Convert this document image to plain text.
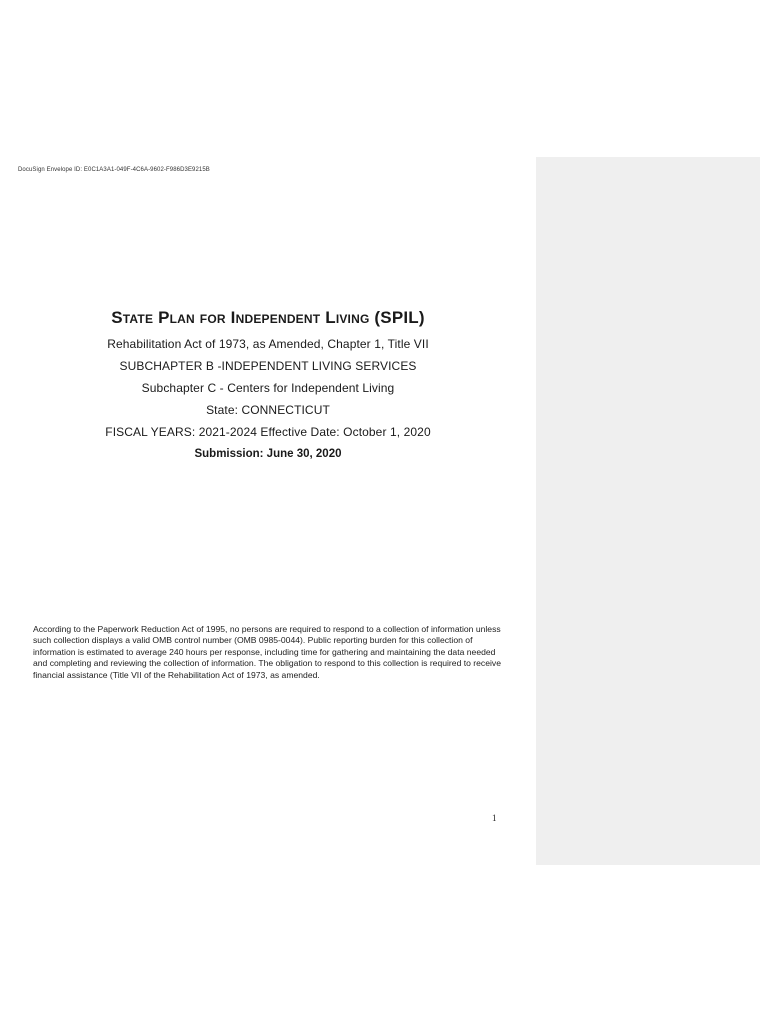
DocuSign Envelope ID: E0C1A3A1-049F-4C6A-9602-F986D3E9215B
State Plan for Independent Living (SPIL)

Rehabilitation Act of 1973, as Amended, Chapter 1, Title VII

SUBCHAPTER B -INDEPENDENT LIVING SERVICES

Subchapter C - Centers for Independent Living

State: CONNECTICUT

FISCAL YEARS: 2021-2024 Effective Date: October 1, 2020

Submission: June 30, 2020

According to the Paperwork Reduction Act of 1995, no persons are required to respond to a collection of information unless such collection displays a valid OMB control number (OMB 0985-0044). Public reporting burden for this collection of information is estimated to average 240 hours per response, including time for gathering and maintaining the data needed and completing and reviewing the collection of information. The obligation to respond to this collection is required to receive financial assistance (Title VII of the Rehabilitation Act of 1973, as amended.

1
